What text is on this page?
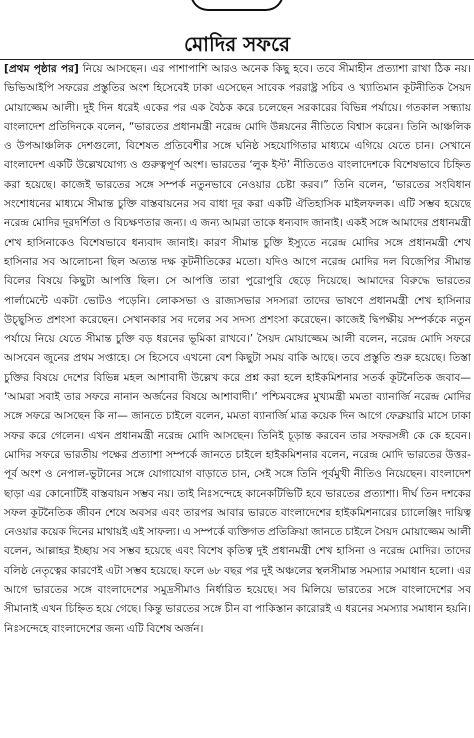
মোদির সফরে

[প্রথম পৃষ্ঠার পর] নিয়ে আসছেন। এর পাশাপাশি আরও অনেক কিছু হবে। তবে সীমাহীন প্রত্যাশা রাখা ঠিক নয়। ভিভিআইপি সফরের প্রস্তুতির অংশ হিসেবেই ঢাকা এসেছেন সাবেক পররাষ্ট্র সচিব ও খ্যাতিমান কূটনীতিক সৈয়দ মোয়াজ্জেম আলী। দুই দিন ধরেই একের পর এক বৈঠক করে চলেছেন সরকারের বিভিন্ন পর্যায়ে। গতকাল সন্ধ্যায় বাংলাদেশ প্রতিদিনকে বলেন, “ভারতের প্রধানমন্ত্রী নরেন্দ্র মোদি উন্নয়নের নীতিতে বিশ্বাস করেন। তিনি আঞ্চলিক ও উপআঞ্চলিক দেশগুলো, বিশেষত প্রতিবেশীর সঙ্গে ঘনিষ্ঠ সহযোগিতার মাধ্যমে এগিয়ে যেতে চান। সেখানে বাংলাদেশ একটি উল্লেখযোগ্য ও গুরুত্বপূর্ণ অংশ। ভারতের ‘লুক ইস্ট’ নীতিতেও বাংলাদেশকে বিশেষভাবে চিহ্নিত করা হয়েছে। কাজেই ভারতের সঙ্গে সম্পর্ক নতুনভাবে নেওয়ার চেষ্টা করব।” তিনি বলেন, ‘ভারতের সংবিধান সংশোধনের মাধ্যমে সীমান্ত চুক্তি বাস্তবায়নের সব বাধা দূর করা একটি ঐতিহাসিক মাইলফলক। এটি সম্ভব হয়েছে নরেন্দ্র মোদির দূরদর্শিতা ও বিচক্ষণতার জন্য। এ জন্য আমরা তাকে ধন্যবাদ জানাই। একই সঙ্গে আমাদের প্রধানমন্ত্রী শেখ হাসিনাকেও বিশেষভাবে ধন্যবাদ জানাই। কারণ সীমান্ত চুক্তি ইস্যুতে নরেন্দ্র মোদির সঙ্গে প্রধানমন্ত্রী শেখ হাসিনার সব আলোচনা ছিল অত্যন্ত দক্ষ কূটনীতিকের মতো। যদিও আগে নরেন্দ্র মোদির দল বিজেপির সীমান্ত বিলের বিষয়ে কিছুটা আপত্তি ছিল। সে আপত্তি তারা পুরোপুরি ছেড়ে দিয়েছে। আমাদের বিরুদ্ধে ভারতের পার্লামেন্টে একটা ভোটও পড়েনি। লোকসভা ও রাজ্যসভার সদস্যরা তাদের ভাষণে প্রধানমন্ত্রী শেখ হাসিনার উচ্ছ্বসিত প্রশংসা করেছেন। সেখানকার সব দলের সব সদস্য প্রশংসা করেছেন। কাজেই দ্বিপক্ষীয় সম্পর্ককে নতুন পর্যায়ে নিয়ে যেতে সীমান্ত চুক্তি বড় ধরনের ভূমিকা রাখবে।’ সৈয়দ মোয়াজ্জেম আলী বলেন, নরেন্দ্র মোদি সফরে আসবেন জুনের প্রথম সপ্তাহে। সে হিসেবে এখনো বেশ কিছুটা সময় বাকি আছে। তবে প্রস্তুতি শুরু হয়েছে। তিস্তা চুক্তির বিষয়ে দেশের বিভিন্ন মহল আশাবাদী উল্লেখ করে প্রশ্ন করা হলে হাইকমিশনার সতর্ক কূটনৈতিক জবাব— ‘আমরা সবাই তার সফরে নানান অর্জনের বিষয়ে আশাবাদী।’ পশ্চিমবঙ্গের মুখ্যমন্ত্রী মমতা ব্যানার্জি নরেন্দ্র মোদির সঙ্গে সফরে আসছেন কি না— জানতে চাইলে বলেন, মমতা ব্যানার্জি মাত্র কয়েক দিন আগে ফেব্রুয়ারি মাসে ঢাকা সফর করে গেলেন। এখন প্রধানমন্ত্রী নরেন্দ্র মোদি আসছেন। তিনিই চূড়ান্ত করবেন তার সফরসঙ্গী কে কে হবেন। মোদির সফরে ভারতীয় পক্ষের প্রত্যাশা সম্পর্কে জানতে চাইলে হাইকমিশনার বলেন, নরেন্দ্র মোদি ভারতের উত্তর-পূর্ব অংশ ও নেপাল-ভুটানের সঙ্গে যোগাযোগ বাড়াতে চান, সেই সঙ্গে তিনি পূর্বমুখী নীতিও নিয়েছেন। বাংলাদেশ ছাড়া এর কোনোটিই বাস্তবায়ন সম্ভব নয়। তাই নিঃসন্দেহে কানেকটিভিটি হবে ভারতের প্রত্যাশা। দীর্ঘ তিন দশকের সফল কূটনৈতিক জীবন শেষে অবসর এবং তারপর আবার ভারতে বাংলাদেশের হাইকমিশনারের চ্যালেঞ্জিং দায়িত্ব নেওয়ার কয়েক দিনের মাথায়ই এই সাফল্য। এ সম্পর্কে ব্যক্তিগত প্রতিক্রিয়া জানতে চাইলে সৈয়দ মোয়াজ্জেম আলী বলেন, আল্লাহর ইচ্ছায় সব সম্ভব হয়েছে এবং বিশেষ কৃতিত্ব দুই প্রধানমন্ত্রী শেখ হাসিনা ও নরেন্দ্র মোদির। তাদের বলিষ্ঠ নেতৃত্বের কারণেই এটা সম্ভব হয়েছে। ফলে ৬৮ বছর পর দুই অঞ্চলের স্থলসীমান্ত সমস্যার সমাধান হলো। এর আগে ভারতের সঙ্গে বাংলাদেশের সমুদ্রসীমাও নির্ধারিত হয়েছে। সব মিলিয়ে ভারতের সঙ্গে বাংলাদেশের সব সীমানাই এখন চিহ্নিত হয়ে গেছে। কিন্তু ভারতের সঙ্গে চীন বা পাকিস্তান কারোরই এ ধরনের সমস্যার সমাধান হয়নি। নিঃসন্দেহে বাংলাদেশের জন্য এটি বিশেষ অর্জন।
